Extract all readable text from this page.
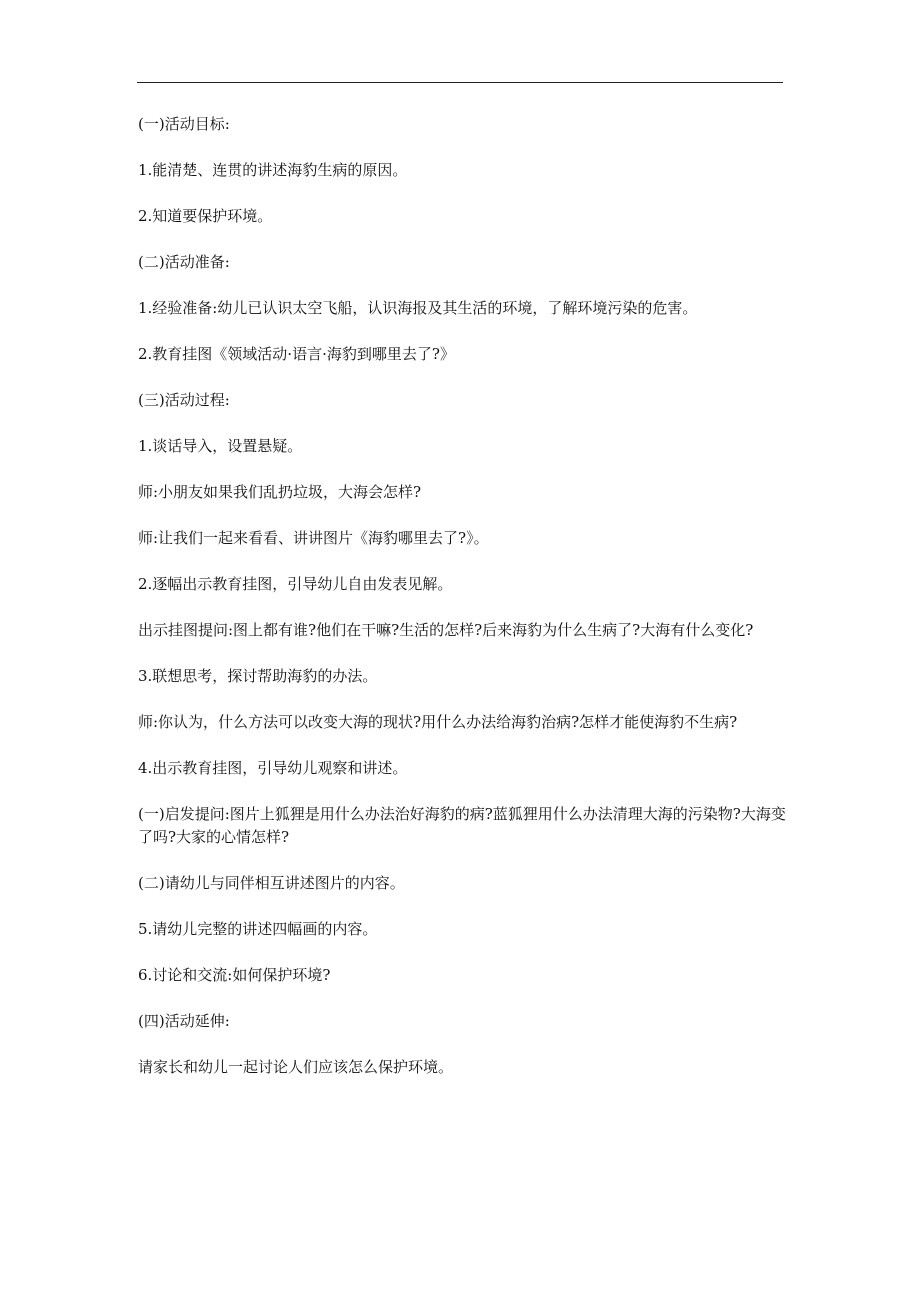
(一)活动目标:

1.能清楚、连贯的讲述海豹生病的原因。

2.知道要保护环境。

(二)活动准备:

1.经验准备:幼儿已认识太空飞船，认识海报及其生活的环境，了解环境污染的危害。

2.教育挂图《领域活动·语言·海豹到哪里去了?》

(三)活动过程:

1.谈话导入，设置悬疑。

师:小朋友如果我们乱扔垃圾，大海会怎样?

师:让我们一起来看看、讲讲图片《海豹哪里去了?》。

2.逐幅出示教育挂图，引导幼儿自由发表见解。

出示挂图提问:图上都有谁?他们在干嘛?生活的怎样?后来海豹为什么生病了?大海有什么变化?

3.联想思考，探讨帮助海豹的办法。

师:你认为，什么方法可以改变大海的现状?用什么办法给海豹治病?怎样才能使海豹不生病?

4.出示教育挂图，引导幼儿观察和讲述。

(一)启发提问:图片上狐狸是用什么办法治好海豹的病?蓝狐狸用什么办法清理大海的污染物?大海变了吗?大家的心情怎样?

(二)请幼儿与同伴相互讲述图片的内容。

5.请幼儿完整的讲述四幅画的内容。

6.讨论和交流:如何保护环境?

(四)活动延伸:

请家长和幼儿一起讨论人们应该怎么保护环境。
